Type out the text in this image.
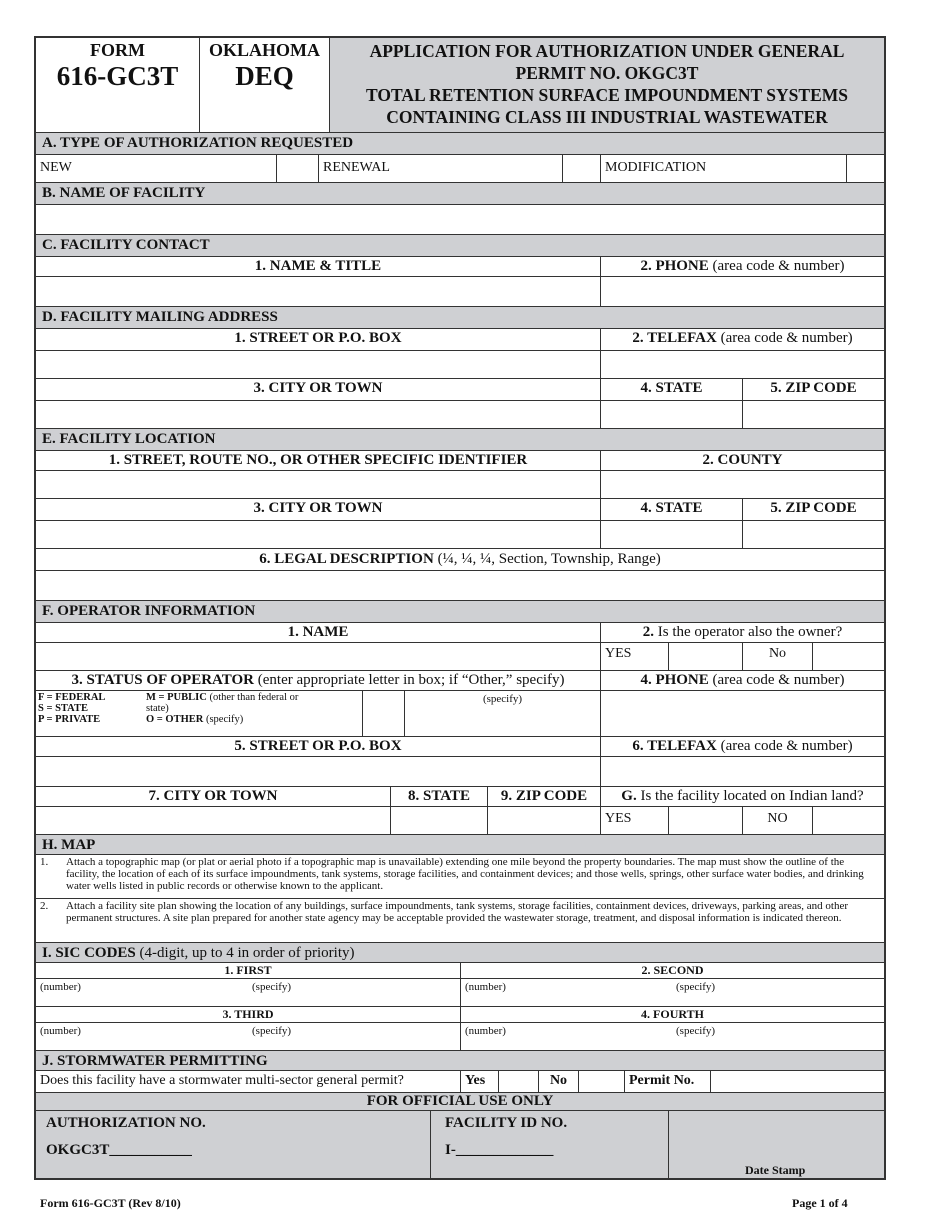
FORM
616-GC3T
OKLAHOMA
DEQ
APPLICATION FOR AUTHORIZATION UNDER GENERAL
PERMIT NO. OKGC3T
TOTAL RETENTION SURFACE IMPOUNDMENT SYSTEMS
CONTAINING CLASS III INDUSTRIAL WASTEWATER
A. TYPE OF AUTHORIZATION REQUESTED
NEW	RENEWAL	MODIFICATION
B. NAME OF FACILITY
C. FACILITY CONTACT
1. NAME & TITLE	2. PHONE (area code & number)
D. FACILITY MAILING ADDRESS
1. STREET OR P.O. BOX	2. TELEFAX (area code & number)
3. CITY OR TOWN	4. STATE	5. ZIP CODE
E. FACILITY LOCATION
1. STREET, ROUTE NO., OR OTHER SPECIFIC IDENTIFIER	2. COUNTY
3. CITY OR TOWN	4. STATE	5. ZIP CODE
6. LEGAL DESCRIPTION
(¼, ¼, ¼, Section, Township, Range)
F. OPERATOR INFORMATION
1. NAME	2. Is the operator also the owner?
YES	No
3. STATUS OF OPERATOR (enter appropriate letter in box; if “Other,” specify)	4. PHONE (area code & number)
F = FEDERAL
S = STATE
P = PRIVATE
M = PUBLIC (other than federal or
state)
O = OTHER (specify)
(specify)
5. STREET OR P.O. BOX	6. TELEFAX (area code & number)
7. CITY OR TOWN	8. STATE	9. ZIP CODE	G. Is the facility located on Indian land?
YES	NO
H. MAP
1.	Attach a topographic map (or plat or aerial photo if a topographic map is unavailable) extending one mile beyond the property boundaries. The map must show the outline of the facility, the location of each of its surface impoundments, tank systems, storage facilities, and containment devices; and those wells, springs, other surface water bodies, and drinking water wells listed in public records or otherwise known to the applicant.
2.	Attach a facility site plan showing the location of any buildings, surface impoundments, tank systems, storage facilities, containment devices, driveways, parking areas, and other permanent structures. A site plan prepared for another state agency may be acceptable provided the wastewater storage, treatment, and disposal information is indicated thereon.
I. SIC CODES
(4-digit, up to 4 in order of priority)
1. FIRST	2. SECOND
(number)	(specify)	(number)	(specify)
3. THIRD	4. FOURTH
(number)	(specify)	(number)	(specify)
J. STORMWATER PERMITTING
Does this facility have a stormwater multi-sector general permit?	Yes	No	Permit No.
FOR OFFICIAL USE ONLY
AUTHORIZATION NO.
OKGC3T___________
FACILITY ID NO.
I-_____________
Date Stamp
Form 616-GC3T (Rev 8/10)	Page 1 of 4
